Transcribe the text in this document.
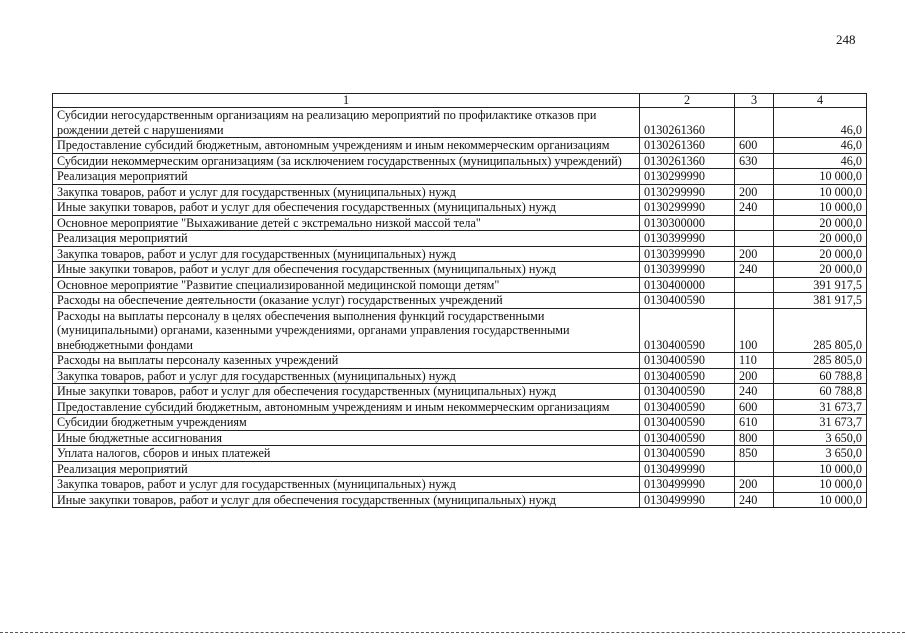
248
1	2	3	4
Субсидии негосударственным организациям на реализацию мероприятий по профилактике отказов при рождении детей с нарушениями	0130261360		46,0
Предоставление субсидий бюджетным, автономным учреждениям и иным некоммерческим организациям	0130261360	600	46,0
Субсидии некоммерческим организациям (за исключением государственных (муниципальных) учреждений)	0130261360	630	46,0
Реализация мероприятий	0130299990		10 000,0
Закупка товаров, работ и услуг для государственных (муниципальных) нужд	0130299990	200	10 000,0
Иные закупки товаров, работ и услуг для обеспечения государственных (муниципальных) нужд	0130299990	240	10 000,0
Основное мероприятие "Выхаживание детей с экстремально низкой массой тела"	0130300000		20 000,0
Реализация мероприятий	0130399990		20 000,0
Закупка товаров, работ и услуг для государственных (муниципальных) нужд	0130399990	200	20 000,0
Иные закупки товаров, работ и услуг для обеспечения государственных (муниципальных) нужд	0130399990	240	20 000,0
Основное мероприятие "Развитие специализированной медицинской помощи детям"	0130400000		391 917,5
Расходы на обеспечение деятельности (оказание услуг) государственных учреждений	0130400590		381 917,5
Расходы на выплаты персоналу в целях обеспечения выполнения функций государственными (муниципальными) органами, казенными учреждениями, органами управления государственными внебюджетными фондами	0130400590	100	285 805,0
Расходы на выплаты персоналу казенных учреждений	0130400590	110	285 805,0
Закупка товаров, работ и услуг для государственных (муниципальных) нужд	0130400590	200	60 788,8
Иные закупки товаров, работ и услуг для обеспечения государственных (муниципальных) нужд	0130400590	240	60 788,8
Предоставление субсидий бюджетным, автономным учреждениям и иным некоммерческим организациям	0130400590	600	31 673,7
Субсидии бюджетным учреждениям	0130400590	610	31 673,7
Иные бюджетные ассигнования	0130400590	800	3 650,0
Уплата налогов, сборов и иных платежей	0130400590	850	3 650,0
Реализация мероприятий	0130499990		10 000,0
Закупка товаров, работ и услуг для государственных (муниципальных) нужд	0130499990	200	10 000,0
Иные закупки товаров, работ и услуг для обеспечения государственных (муниципальных) нужд	0130499990	240	10 000,0
